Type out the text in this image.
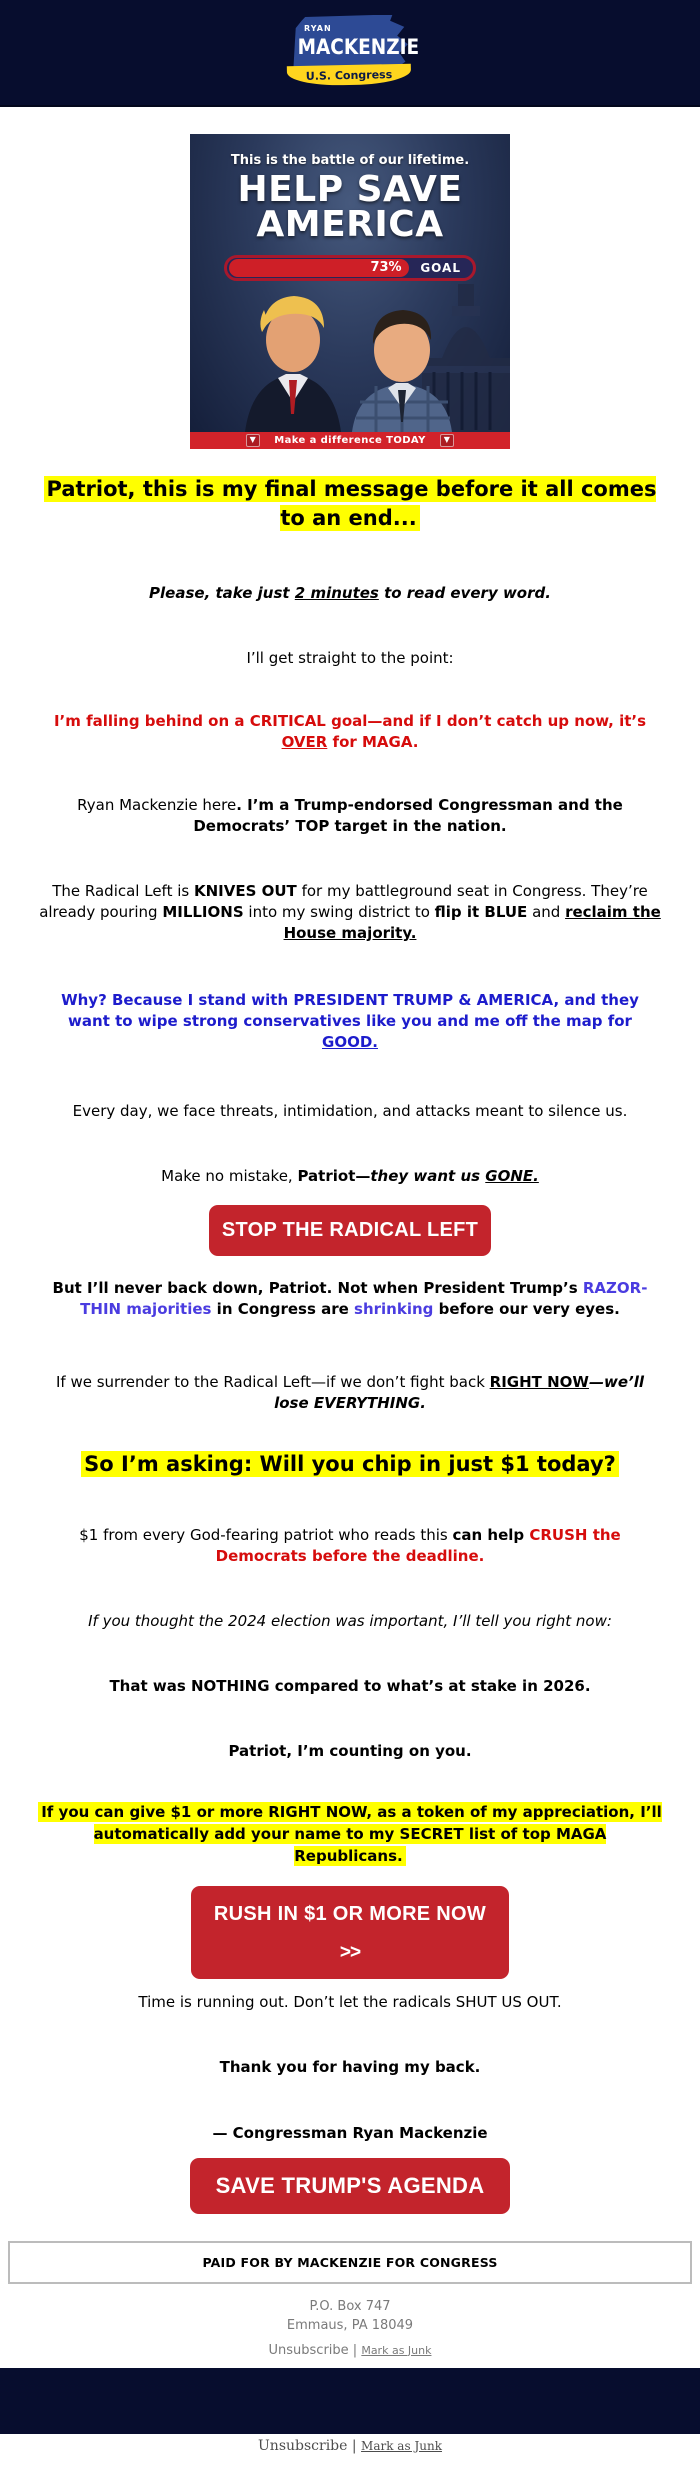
RYAN
MACKENZIE
U.S. Congress
This is the battle of our lifetime.
HELP SAVE
AMERICA
73% GOAL
▼	Make a difference TODAY	▼

Patriot, this is my final message before it all comes to an end...

Please, take just 2 minutes to read every word.

I’ll get straight to the point:

I’m falling behind on a CRITICAL goal—and if I don’t catch up now, it’s OVER for MAGA.

Ryan Mackenzie here. I’m a Trump-endorsed Congressman and the Democrats’ TOP target in the nation.

The Radical Left is KNIVES OUT for my battleground seat in Congress. They’re already pouring MILLIONS into my swing district to flip it BLUE and reclaim the House majority.

Why? Because I stand with PRESIDENT TRUMP & AMERICA, and they want to wipe strong conservatives like you and me off the map for GOOD.

Every day, we face threats, intimidation, and attacks meant to silence us.

Make no mistake, Patriot—they want us GONE.

STOP THE RADICAL LEFT

But I’ll never back down, Patriot. Not when President Trump’s RAZOR-THIN majorities in Congress are shrinking before our very eyes.

If we surrender to the Radical Left—if we don’t fight back RIGHT NOW—we’ll lose EVERYTHING.

So I’m asking: Will you chip in just $1 today?

$1 from every God-fearing patriot who reads this can help CRUSH the Democrats before the deadline.

If you thought the 2024 election was important, I’ll tell you right now:

That was NOTHING compared to what’s at stake in 2026.

Patriot, I’m counting on you.

If you can give $1 or more RIGHT NOW, as a token of my appreciation, I’ll automatically add your name to my SECRET list of top MAGA Republicans.

RUSH IN $1 OR MORE NOW
>>

Time is running out. Don’t let the radicals SHUT US OUT.

Thank you for having my back.

— Congressman Ryan Mackenzie

SAVE TRUMP'S AGENDA
PAID FOR BY MACKENZIE FOR CONGRESS
P.O. Box 747
Emmaus, PA 18049
Unsubscribe | Mark as Junk
Unsubscribe | Mark as Junk
